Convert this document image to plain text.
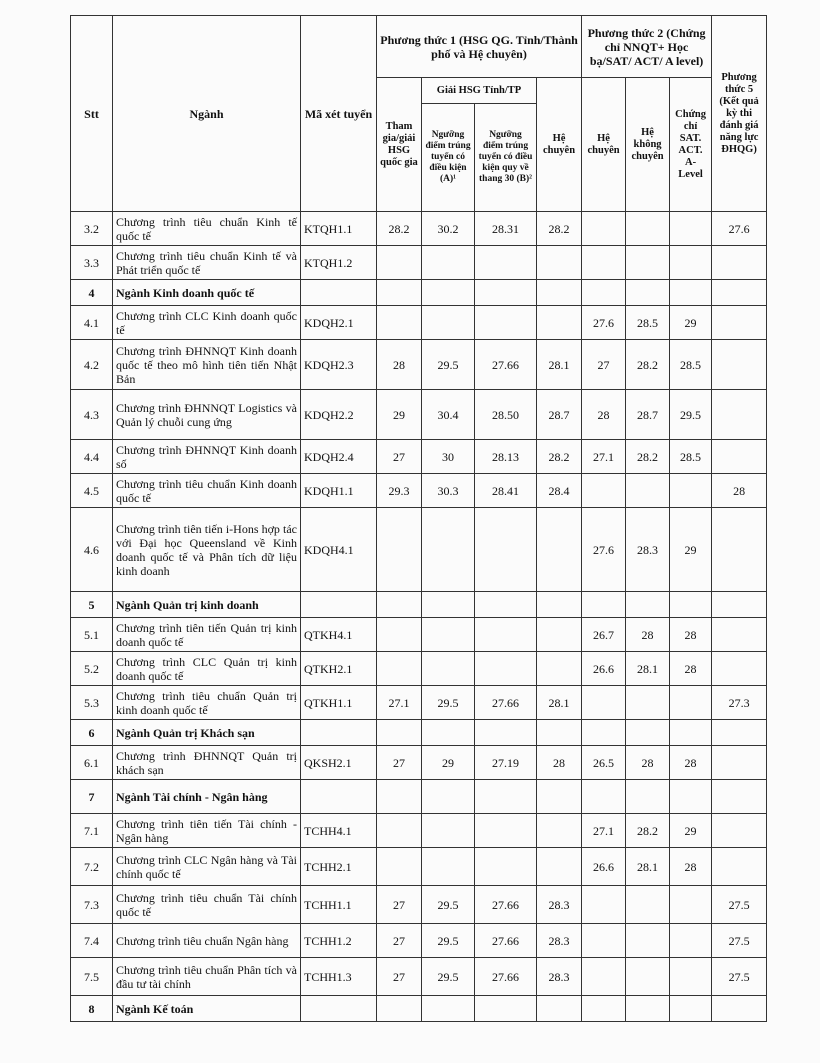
Stt	Ngành	Mã xét tuyển	Phương thức 1 (HSG QG. Tỉnh/Thành phố và Hệ chuyên)				Phương thức 2 (Chứng chỉ NNQT+ Học bạ/SAT/ ACT/ A level)			Phương thức 5 (Kết quả kỳ thi đánh giá năng lực ĐHQG)
			Tham gia/giải HSG quốc gia	Giải HSG Tỉnh/TP		Hệ chuyên	Hệ chuyên	Hệ không chuyên	Chứng chỉ SAT. ACT. A-Level	
				Ngưỡng điểm trúng tuyển có điều kiện (A)¹	Ngưỡng điểm trúng tuyển có điều kiện quy về thang 30 (B)²					
3.2	Chương trình tiêu chuẩn Kinh tế quốc tế	KTQH1.1	28.2	30.2	28.31	28.2				27.6
3.3	Chương trình tiêu chuẩn Kinh tế và Phát triển quốc tế	KTQH1.2								
4	Ngành Kinh doanh quốc tế									
4.1	Chương trình CLC Kinh doanh quốc tế	KDQH2.1					27.6	28.5	29	
4.2	Chương trình ĐHNNQT Kinh doanh quốc tế theo mô hình tiên tiến Nhật Bản	KDQH2.3	28	29.5	27.66	28.1	27	28.2	28.5	
4.3	Chương trình ĐHNNQT Logistics và Quản lý chuỗi cung ứng	KDQH2.2	29	30.4	28.50	28.7	28	28.7	29.5	
4.4	Chương trình ĐHNNQT Kinh doanh số	KDQH2.4	27	30	28.13	28.2	27.1	28.2	28.5	
4.5	Chương trình tiêu chuẩn Kinh doanh quốc tế	KDQH1.1	29.3	30.3	28.41	28.4				28
4.6	Chương trình tiên tiến i-Hons hợp tác với Đại học Queensland về Kinh doanh quốc tế và Phân tích dữ liệu kinh doanh	KDQH4.1					27.6	28.3	29	
5	Ngành Quản trị kinh doanh									
5.1	Chương trình tiên tiến Quản trị kinh doanh quốc tế	QTKH4.1					26.7	28	28	
5.2	Chương trình CLC Quản trị kinh doanh quốc tế	QTKH2.1					26.6	28.1	28	
5.3	Chương trình tiêu chuẩn Quản trị kinh doanh quốc tế	QTKH1.1	27.1	29.5	27.66	28.1				27.3
6	Ngành Quản trị Khách sạn									
6.1	Chương trình ĐHNNQT Quản trị khách sạn	QKSH2.1	27	29	27.19	28	26.5	28	28	
7	Ngành Tài chính - Ngân hàng									
7.1	Chương trình tiên tiến Tài chính - Ngân hàng	TCHH4.1					27.1	28.2	29	
7.2	Chương trình CLC Ngân hàng và Tài chính quốc tế	TCHH2.1					26.6	28.1	28	
7.3	Chương trình tiêu chuẩn Tài chính quốc tế	TCHH1.1	27	29.5	27.66	28.3				27.5
7.4	Chương trình tiêu chuẩn Ngân hàng	TCHH1.2	27	29.5	27.66	28.3				27.5
7.5	Chương trình tiêu chuẩn Phân tích và đầu tư tài chính	TCHH1.3	27	29.5	27.66	28.3				27.5
8	Ngành Kế toán									
